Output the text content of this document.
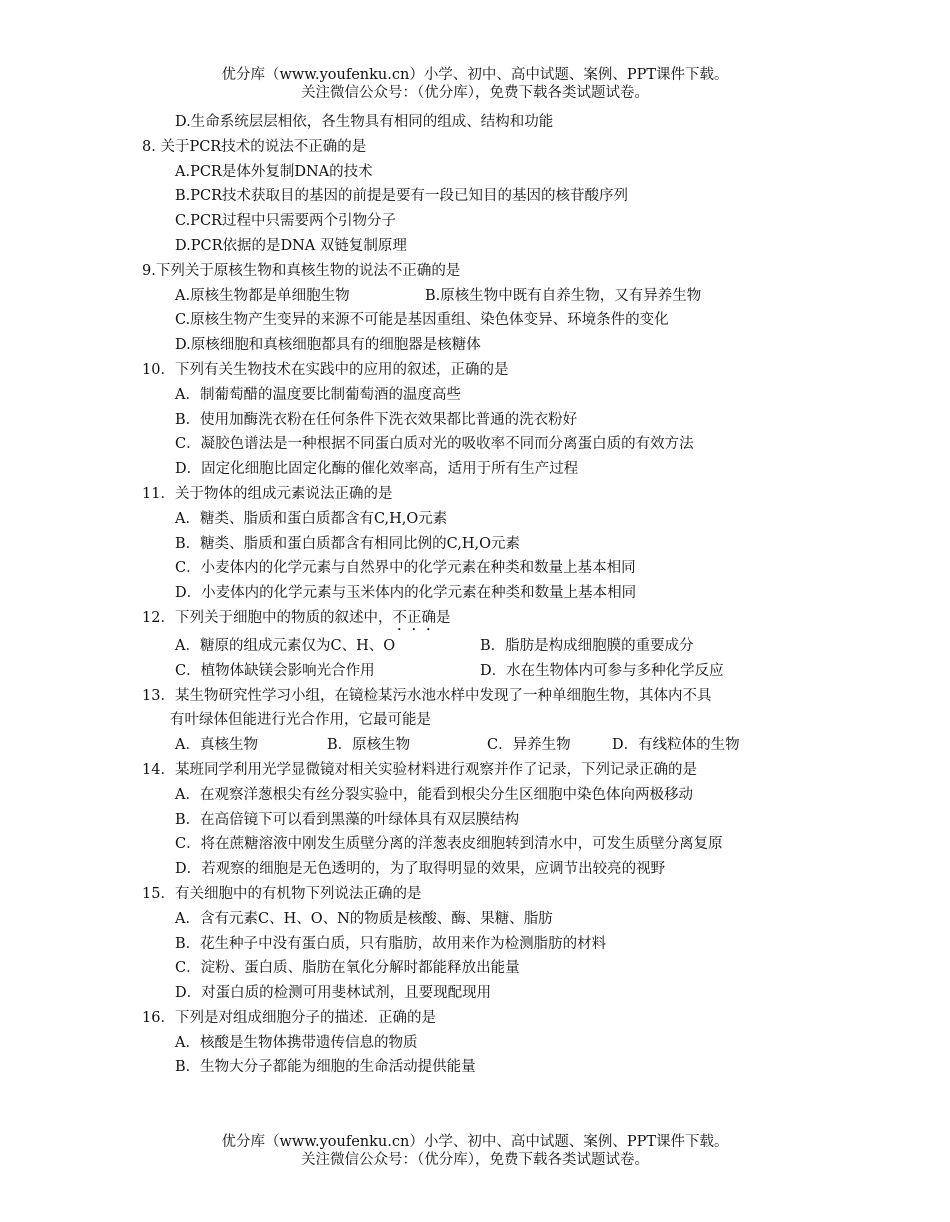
优分库（www.youfenku.cn）小学、初中、高中试题、案例、PPT课件下载。
关注微信公众号：（优分库），免费下载各类试题试卷。
D.生命系统层层相依，各生物具有相同的组成、结构和功能
8. 关于PCR技术的说法不正确的是
A.PCR是体外复制DNA的技术
B.PCR技术获取目的基因的前提是要有一段已知目的基因的核苷酸序列
C.PCR过程中只需要两个引物分子
D.PCR依据的是DNA 双链复制原理
9.下列关于原核生物和真核生物的说法不正确的是
A.原核生物都是单细胞生物	B.原核生物中既有自养生物，又有异养生物
C.原核生物产生变异的来源不可能是基因重组、染色体变异、环境条件的变化
D.原核细胞和真核细胞都具有的细胞器是核糖体
10．下列有关生物技术在实践中的应用的叙述，正确的是
A．制葡萄醋的温度要比制葡萄酒的温度高些
B．使用加酶洗衣粉在任何条件下洗衣效果都比普通的洗衣粉好
C．凝胶色谱法是一种根据不同蛋白质对光的吸收率不同而分离蛋白质的有效方法
D．固定化细胞比固定化酶的催化效率高，适用于所有生产过程
11．关于物体的组成元素说法正确的是
A．糖类、脂质和蛋白质都含有C,H,O元素
B．糖类、脂质和蛋白质都含有相同比例的C,H,O元素
C．小麦体内的化学元素与自然界中的化学元素在种类和数量上基本相同
D．小麦体内的化学元素与玉米体内的化学元素在种类和数量上基本相同
12．下列关于细胞中的物质的叙述中，不正确是
A．糖原的组成元素仅为C、H、O	B．脂肪是构成细胞膜的重要成分
C．植物体缺镁会影响光合作用	D．水在生物体内可参与多种化学反应
13．某生物研究性学习小组，在镜检某污水池水样中发现了一种单细胞生物，其体内不具
有叶绿体但能进行光合作用，它最可能是
A．真核生物	B．原核生物	C．异养生物	D．有线粒体的生物
14．某班同学利用光学显微镜对相关实验材料进行观察并作了记录，下列记录正确的是
A．在观察洋葱根尖有丝分裂实验中，能看到根尖分生区细胞中染色体向两极移动
B．在高倍镜下可以看到黑藻的叶绿体具有双层膜结构
C．将在蔗糖溶液中刚发生质壁分离的洋葱表皮细胞转到清水中，可发生质壁分离复原
D．若观察的细胞是无色透明的，为了取得明显的效果，应调节出较亮的视野
15．有关细胞中的有机物下列说法正确的是
A．含有元素C、H、O、N的物质是核酸、酶、果糖、脂肪
B．花生种子中没有蛋白质，只有脂肪，故用来作为检测脂肪的材料
C．淀粉、蛋白质、脂肪在氧化分解时都能释放出能量
D．对蛋白质的检测可用斐林试剂，且要现配现用
16．下列是对组成细胞分子的描述．正确的是
A．核酸是生物体携带遗传信息的物质
B．生物大分子都能为细胞的生命活动提供能量
优分库（www.youfenku.cn）小学、初中、高中试题、案例、PPT课件下载。
关注微信公众号：（优分库），免费下载各类试题试卷。
